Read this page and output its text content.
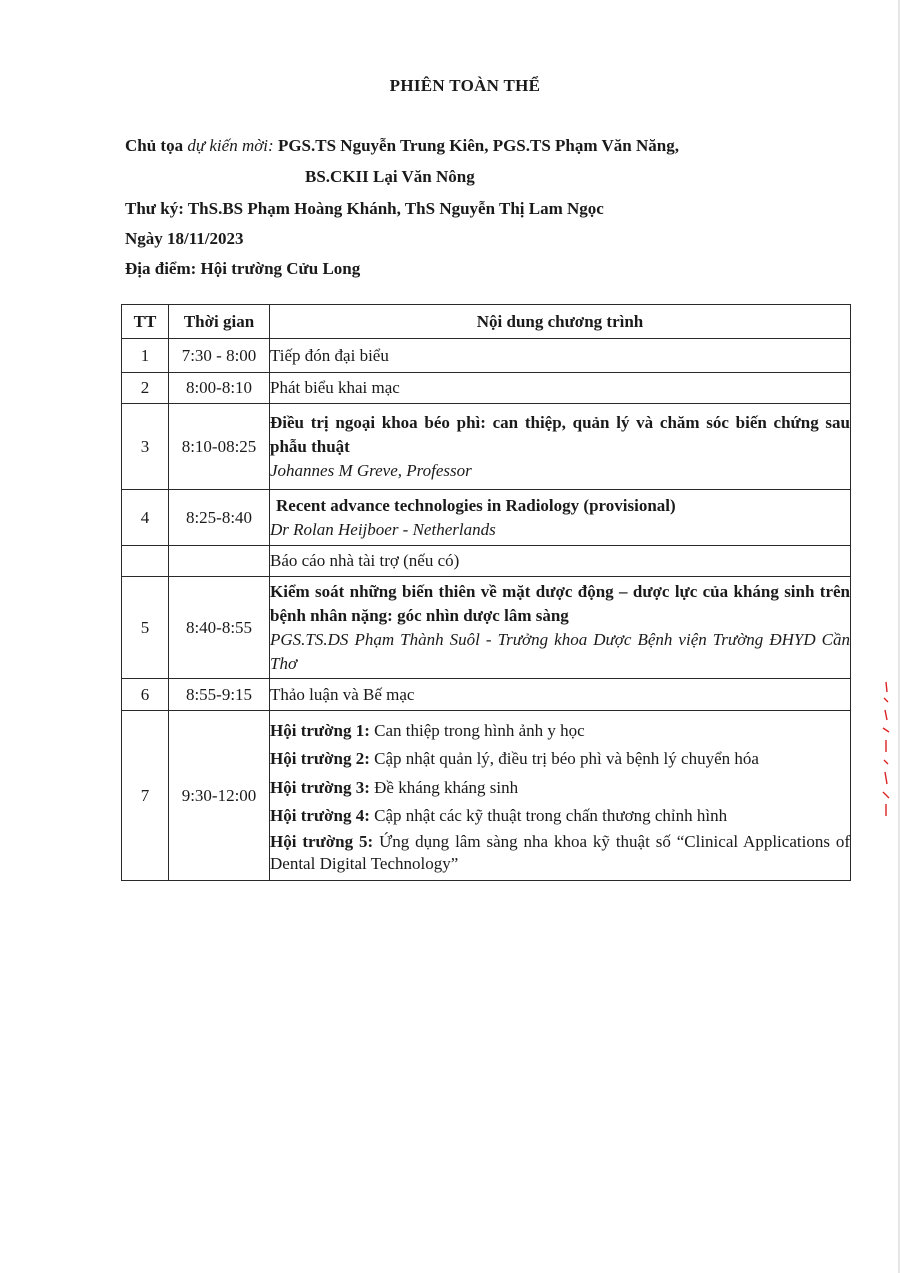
PHIÊN TOÀN THỂ
Chủ tọa dự kiến mời: PGS.TS Nguyễn Trung Kiên, PGS.TS Phạm Văn Năng,
BS.CKII Lại Văn Nông
Thư ký: ThS.BS Phạm Hoàng Khánh, ThS Nguyễn Thị Lam Ngọc
Ngày 18/11/2023
Địa điểm: Hội trường Cửu Long
TT	Thời gian	Nội dung chương trình
1	7:30 - 8:00	Tiếp đón đại biểu
2	8:00-8:10	Phát biểu khai mạc
3	8:10-08:25	Điều trị ngoại khoa béo phì: can thiệp, quản lý và chăm sóc biến chứng sau phẫu thuật
Johannes M Greve, Professor

4	8:25-8:40	Recent advance technologies in Radiology (provisional)
Dr Rolan Heijboer - Netherlands

		Báo cáo nhà tài trợ (nếu có)
5	8:40-8:55	Kiểm soát những biến thiên về mặt dược động – dược lực của kháng sinh trên bệnh nhân nặng: góc nhìn dược lâm sàng
PGS.TS.DS Phạm Thành Suôl - Trưởng khoa Dược Bệnh viện Trường ĐHYD Cần Thơ

6	8:55-9:15	Thảo luận và Bế mạc
7	9:30-12:00	Hội trường 1: Can thiệp trong hình ảnh y học
Hội trường 2: Cập nhật quản lý, điều trị béo phì và bệnh lý chuyển hóa
Hội trường 3: Đề kháng kháng sinh
Hội trường 4: Cập nhật các kỹ thuật trong chấn thương chỉnh hình
Hội trường 5: Ứng dụng lâm sàng nha khoa kỹ thuật số “Clinical Applications of Dental Digital Technology”
